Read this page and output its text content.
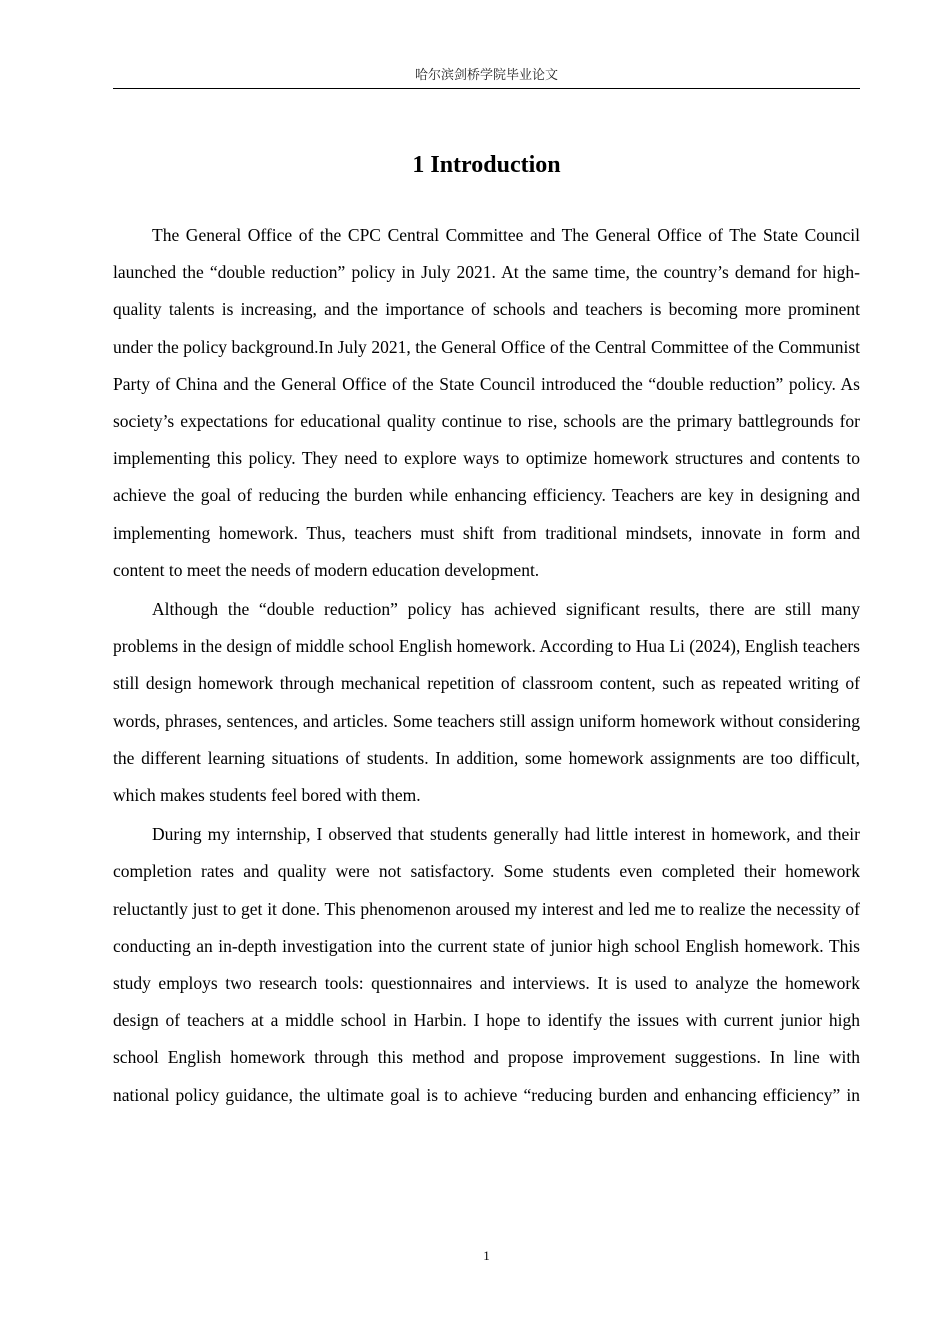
哈尔滨剑桥学院毕业论文
1 Introduction

The General Office of the CPC Central Committee and The General Office of The State Council launched the “double reduction” policy in July 2021. At the same time, the country’s demand for high-quality talents is increasing, and the importance of schools and teachers is becoming more prominent under the policy background.In July 2021, the General Office of the Central Committee of the Communist Party of China and the General Office of the State Council introduced the “double reduction” policy. As society’s expectations for educational quality continue to rise, schools are the primary battlegrounds for implementing this policy. They need to explore ways to optimize homework structures and contents to achieve the goal of reducing the burden while enhancing efficiency. Teachers are key in designing and implementing homework. Thus, teachers must shift from traditional mindsets, innovate in form and content to meet the needs of modern education development.

Although the “double reduction” policy has achieved significant results, there are still many problems in the design of middle school English homework. According to Hua Li (2024), English teachers still design homework through mechanical repetition of classroom content, such as repeated writing of words, phrases, sentences, and articles. Some teachers still assign uniform homework without considering the different learning situations of students. In addition, some homework assignments are too difficult, which makes students feel bored with them.

During my internship, I observed that students generally had little interest in homework, and their completion rates and quality were not satisfactory. Some students even completed their homework reluctantly just to get it done. This phenomenon aroused my interest and led me to realize the necessity of conducting an in-depth investigation into the current state of junior high school English homework. This study employs two research tools: questionnaires and interviews. It is used to analyze the homework design of teachers at a middle school in Harbin. I hope to identify the issues with current junior high school English homework through this method and propose improvement suggestions. In line with national policy guidance, the ultimate goal is to achieve “reducing burden and enhancing efficiency” in

1
